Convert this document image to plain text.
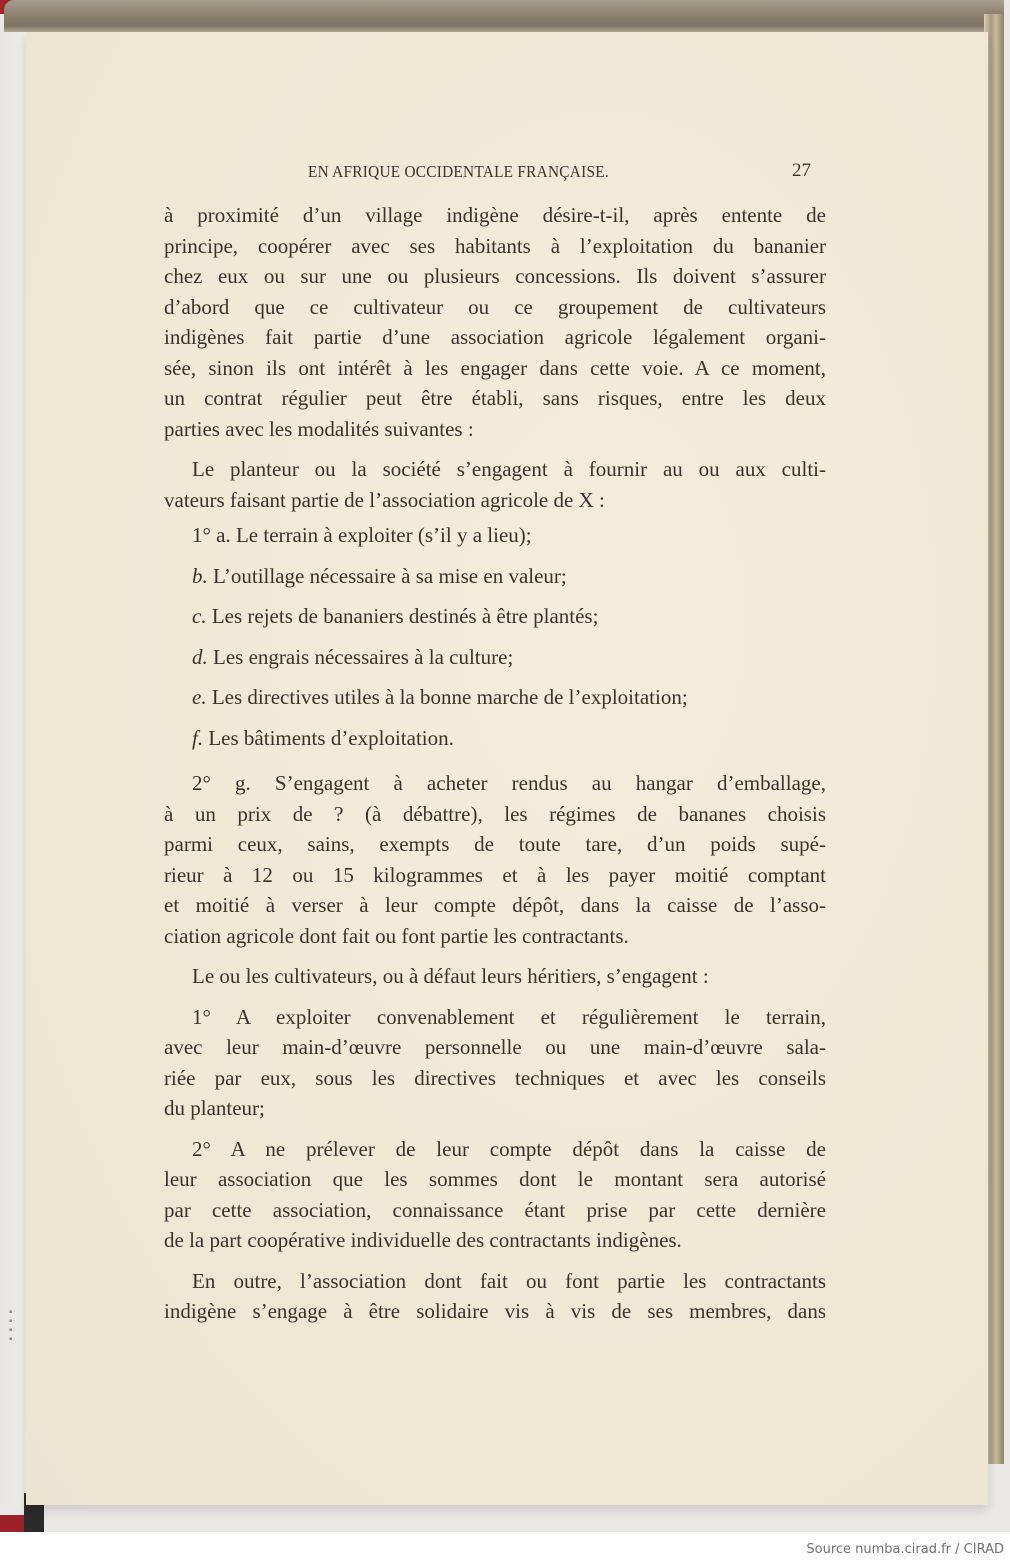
▪ ·
▪ ·
▪ ·
▪ ·
EN AFRIQUE OCCIDENTALE FRANÇAISE.	27
à proximité d’un village indigène désire-t-il, après entente de
principe, coopérer avec ses habitants à l’exploitation du bananier
chez eux ou sur une ou plusieurs concessions. Ils doivent s’assurer
d’abord que ce cultivateur ou ce groupement de cultivateurs
indigènes fait partie d’une association agricole légalement organi-
sée, sinon ils ont intérêt à les engager dans cette voie. A ce moment,
un contrat régulier peut être établi, sans risques, entre les deux
parties avec les modalités suivantes :
Le planteur ou la société s’engagent à fournir au ou aux culti-
vateurs faisant partie de l’association agricole de X :
1° a. Le terrain à exploiter (s’il y a lieu);
b. L’outillage nécessaire à sa mise en valeur;
c. Les rejets de bananiers destinés à être plantés;
d. Les engrais nécessaires à la culture;
e. Les directives utiles à la bonne marche de l’exploitation;
f. Les bâtiments d’exploitation.
2° g. S’engagent à acheter rendus au hangar d’emballage,
à un prix de ? (à débattre), les régimes de bananes choisis
parmi ceux, sains, exempts de toute tare, d’un poids supé-
rieur à 12 ou 15 kilogrammes et à les payer moitié comptant
et moitié à verser à leur compte dépôt, dans la caisse de l’asso-
ciation agricole dont fait ou font partie les contractants.
Le ou les cultivateurs, ou à défaut leurs héritiers, s’engagent :
1° A exploiter convenablement et régulièrement le terrain,
avec leur main-d’œuvre personnelle ou une main-d’œuvre sala-
riée par eux, sous les directives techniques et avec les conseils
du planteur;
2° A ne prélever de leur compte dépôt dans la caisse de
leur association que les sommes dont le montant sera autorisé
par cette association, connaissance étant prise par cette dernière
de la part coopérative individuelle des contractants indigènes.
En outre, l’association dont fait ou font partie les contractants
indigène s’engage à être solidaire vis à vis de ses membres, dans
Source numba.cirad.fr / CIRAD
